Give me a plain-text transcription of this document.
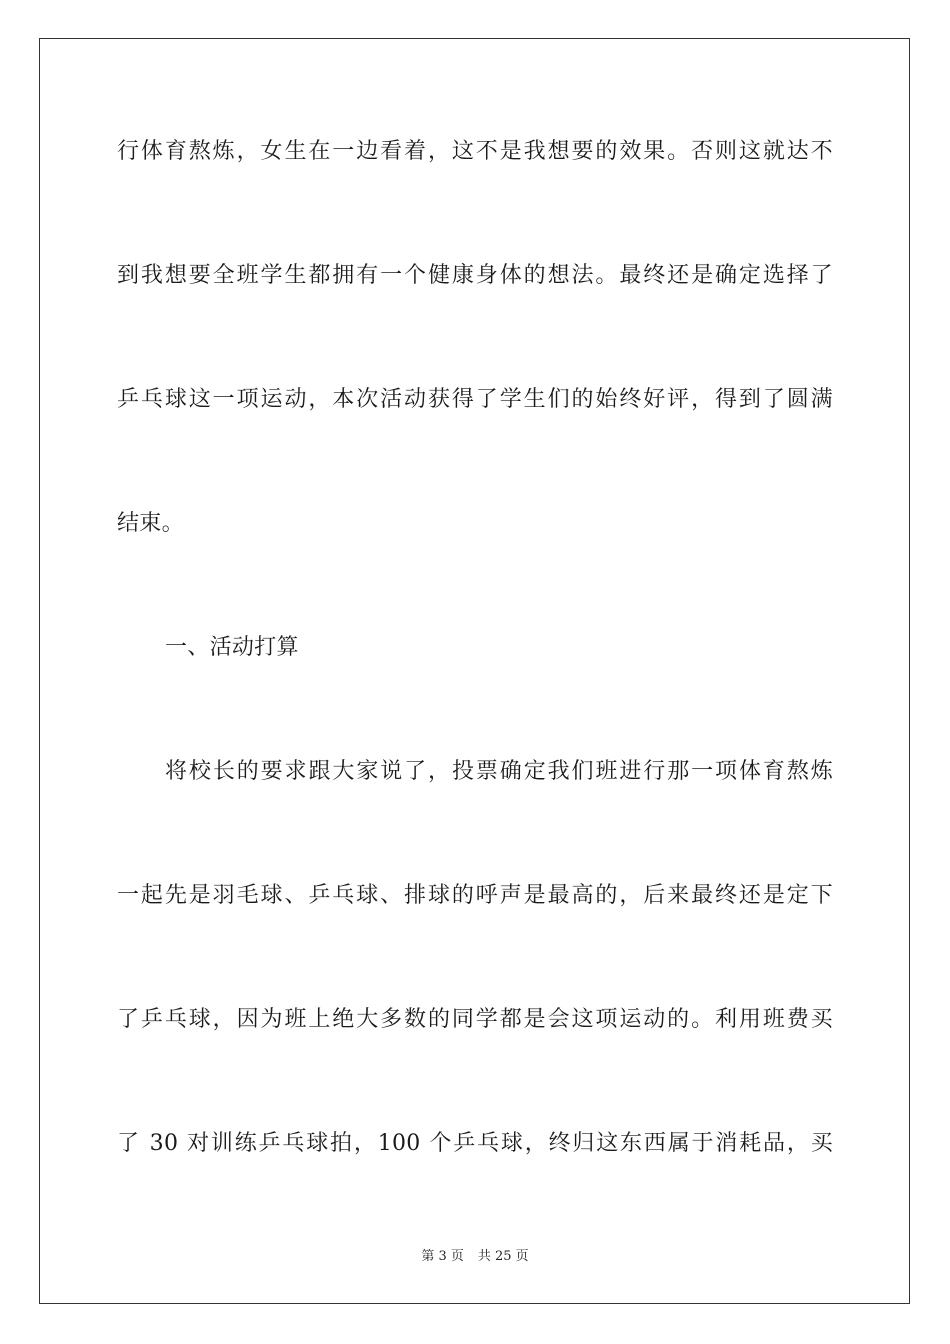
行体育熬炼，女生在一边看着，这不是我想要的效果。否则这就达不
到我想要全班学生都拥有一个健康身体的想法。最终还是确定选择了
乒乓球这一项运动，本次活动获得了学生们的始终好评，得到了圆满
结束。
一、活动打算
将校长的要求跟大家说了，投票确定我们班进行那一项体育熬炼
一起先是羽毛球、乒乓球、排球的呼声是最高的，后来最终还是定下
了乒乓球，因为班上绝大多数的同学都是会这项运动的。利用班费买
了 30 对训练乒乓球拍，100 个乒乓球，终归这东西属于消耗品，买
第 3 页 共 25 页
